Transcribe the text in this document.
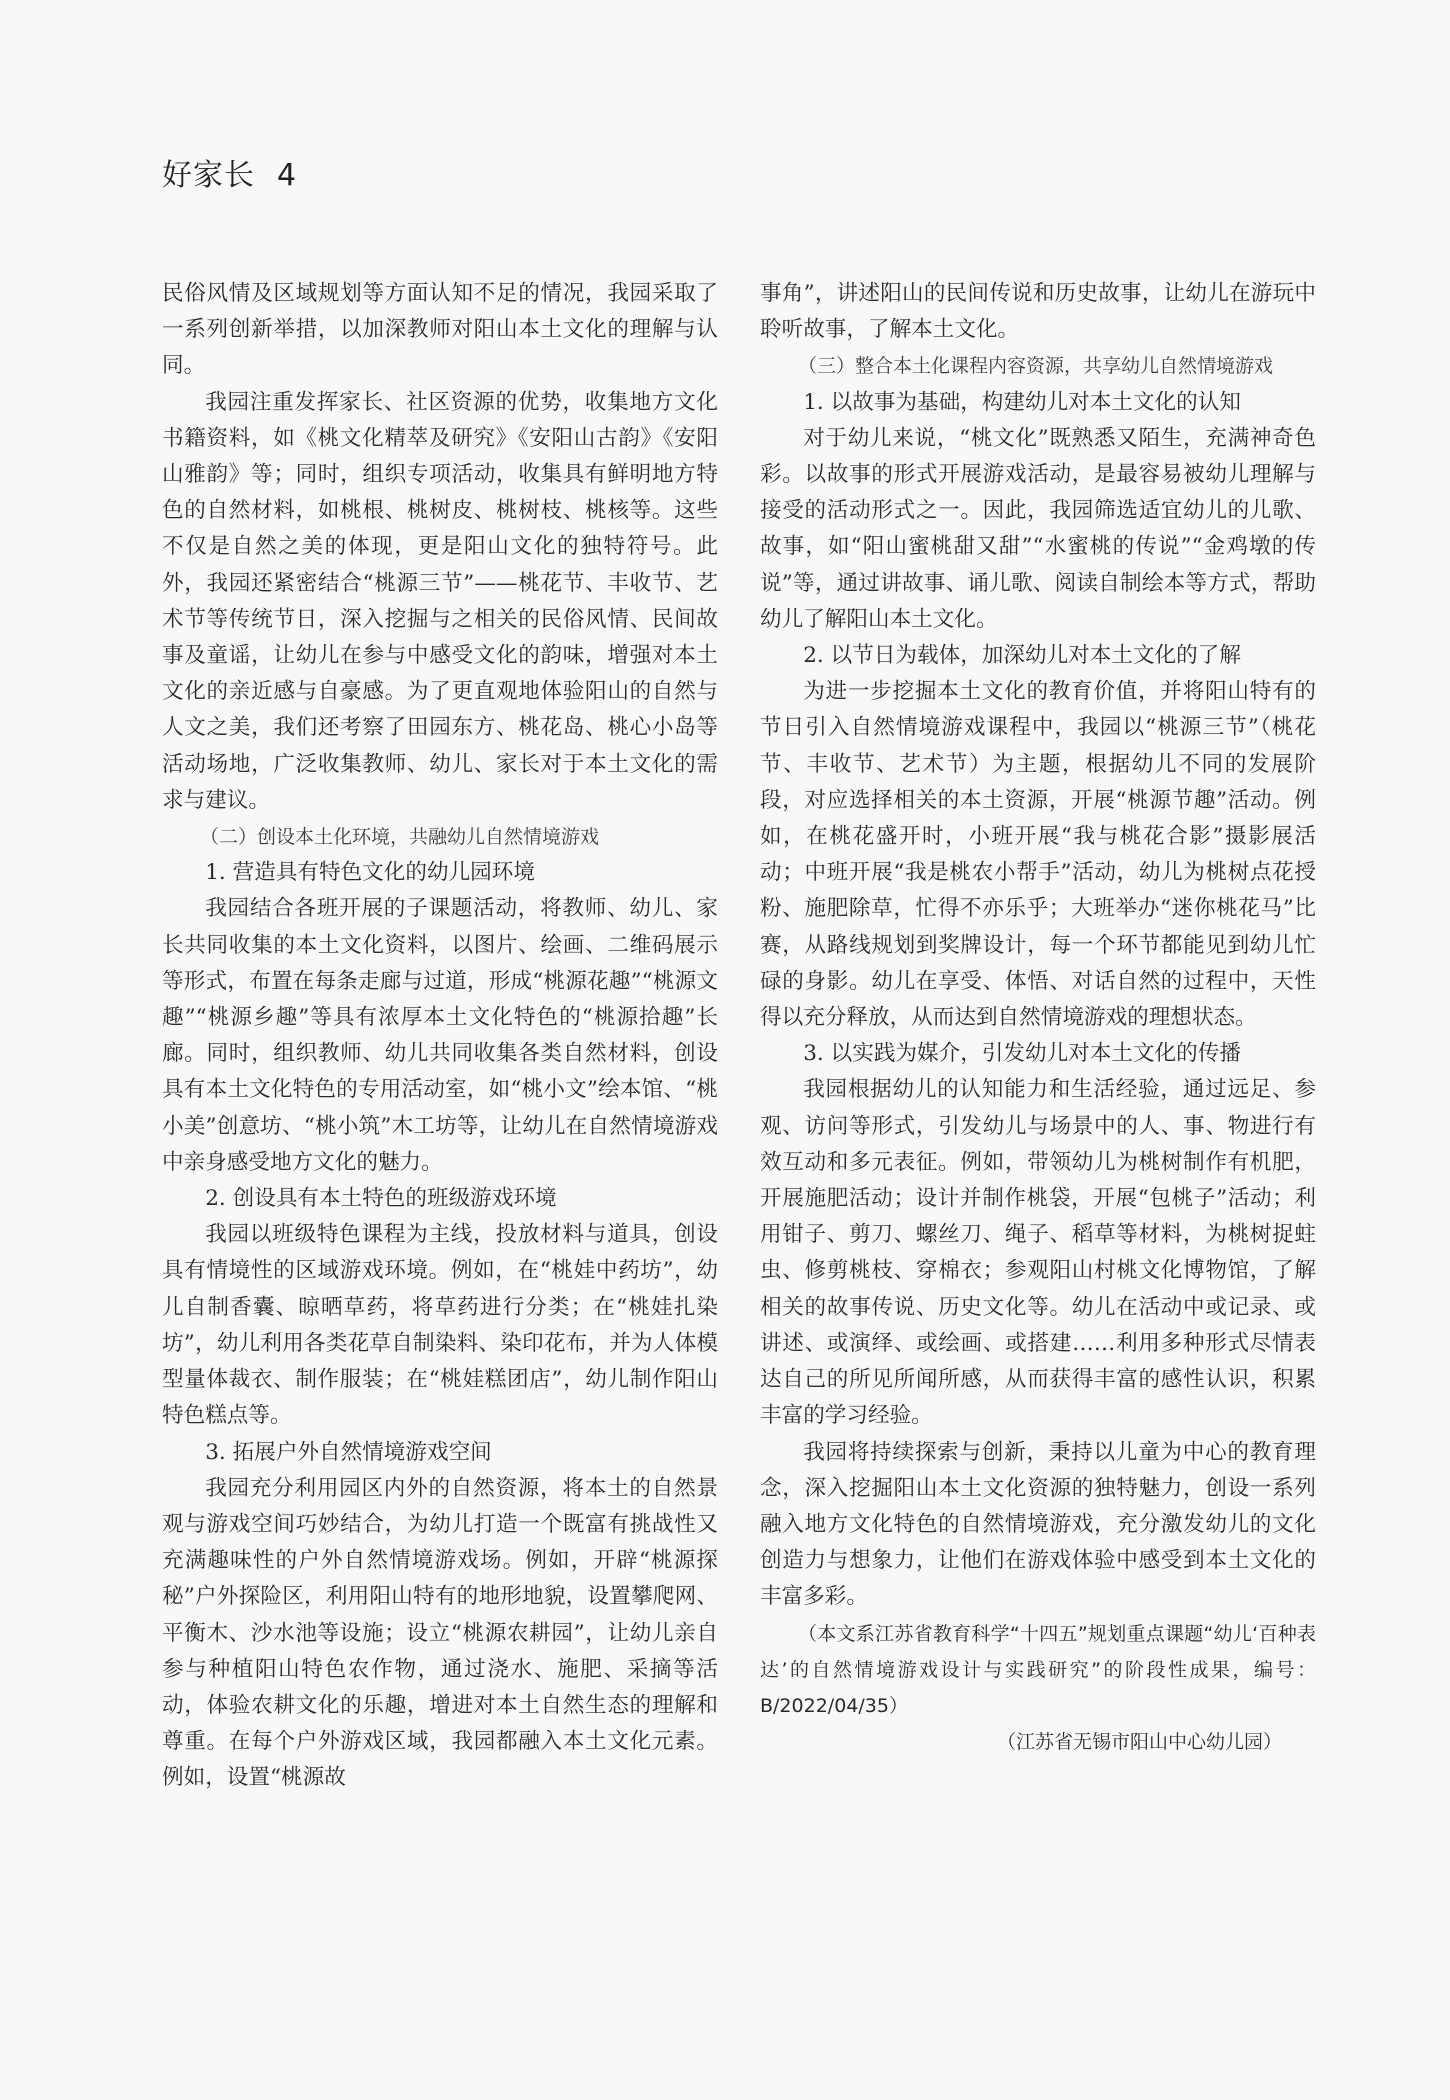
好家长 4

民俗风情及区域规划等方面认知不足的情况，我园采取了一系列创新举措，以加深教师对阳山本土文化的理解与认同。

我园注重发挥家长、社区资源的优势，收集地方文化书籍资料，如《桃文化精萃及研究》《安阳山古韵》《安阳山雅韵》等；同时，组织专项活动，收集具有鲜明地方特色的自然材料，如桃根、桃树皮、桃树枝、桃核等。这些不仅是自然之美的体现，更是阳山文化的独特符号。此外，我园还紧密结合“桃源三节”——桃花节、丰收节、艺术节等传统节日，深入挖掘与之相关的民俗风情、民间故事及童谣，让幼儿在参与中感受文化的韵味，增强对本土文化的亲近感与自豪感。为了更直观地体验阳山的自然与人文之美，我们还考察了田园东方、桃花岛、桃心小岛等活动场地，广泛收集教师、幼儿、家长对于本土文化的需求与建议。

（二）创设本土化环境，共融幼儿自然情境游戏

1. 营造具有特色文化的幼儿园环境

我园结合各班开展的子课题活动，将教师、幼儿、家长共同收集的本土文化资料，以图片、绘画、二维码展示等形式，布置在每条走廊与过道，形成“桃源花趣”“桃源文趣”“桃源乡趣”等具有浓厚本土文化特色的“桃源拾趣”长廊。同时，组织教师、幼儿共同收集各类自然材料，创设具有本土文化特色的专用活动室，如“桃小文”绘本馆、“桃小美”创意坊、“桃小筑”木工坊等，让幼儿在自然情境游戏中亲身感受地方文化的魅力。

2. 创设具有本土特色的班级游戏环境

我园以班级特色课程为主线，投放材料与道具，创设具有情境性的区域游戏环境。例如，在“桃娃中药坊”，幼儿自制香囊、晾晒草药，将草药进行分类；在“桃娃扎染坊”，幼儿利用各类花草自制染料、染印花布，并为人体模型量体裁衣、制作服装；在“桃娃糕团店”，幼儿制作阳山特色糕点等。

3. 拓展户外自然情境游戏空间

我园充分利用园区内外的自然资源，将本土的自然景观与游戏空间巧妙结合，为幼儿打造一个既富有挑战性又充满趣味性的户外自然情境游戏场。例如，开辟“桃源探秘”户外探险区，利用阳山特有的地形地貌，设置攀爬网、平衡木、沙水池等设施；设立“桃源农耕园”，让幼儿亲自参与种植阳山特色农作物，通过浇水、施肥、采摘等活动，体验农耕文化的乐趣，增进对本土自然生态的理解和尊重。在每个户外游戏区域，我园都融入本土文化元素。例如，设置“桃源故

事角”，讲述阳山的民间传说和历史故事，让幼儿在游玩中聆听故事，了解本土文化。

（三）整合本土化课程内容资源，共享幼儿自然情境游戏

1. 以故事为基础，构建幼儿对本土文化的认知

对于幼儿来说，“桃文化”既熟悉又陌生，充满神奇色彩。以故事的形式开展游戏活动，是最容易被幼儿理解与接受的活动形式之一。因此，我园筛选适宜幼儿的儿歌、故事，如“阳山蜜桃甜又甜”“水蜜桃的传说”“金鸡墩的传说”等，通过讲故事、诵儿歌、阅读自制绘本等方式，帮助幼儿了解阳山本土文化。

2. 以节日为载体，加深幼儿对本土文化的了解

为进一步挖掘本土文化的教育价值，并将阳山特有的节日引入自然情境游戏课程中，我园以“桃源三节”（桃花节、丰收节、艺术节）为主题，根据幼儿不同的发展阶段，对应选择相关的本土资源，开展“桃源节趣”活动。例如，在桃花盛开时，小班开展“我与桃花合影”摄影展活动；中班开展“我是桃农小帮手”活动，幼儿为桃树点花授粉、施肥除草，忙得不亦乐乎；大班举办“迷你桃花马”比赛，从路线规划到奖牌设计，每一个环节都能见到幼儿忙碌的身影。幼儿在享受、体悟、对话自然的过程中，天性得以充分释放，从而达到自然情境游戏的理想状态。

3. 以实践为媒介，引发幼儿对本土文化的传播

我园根据幼儿的认知能力和生活经验，通过远足、参观、访问等形式，引发幼儿与场景中的人、事、物进行有效互动和多元表征。例如，带领幼儿为桃树制作有机肥，开展施肥活动；设计并制作桃袋，开展“包桃子”活动；利用钳子、剪刀、螺丝刀、绳子、稻草等材料，为桃树捉蛀虫、修剪桃枝、穿棉衣；参观阳山村桃文化博物馆，了解相关的故事传说、历史文化等。幼儿在活动中或记录、或讲述、或演绎、或绘画、或搭建……利用多种形式尽情表达自己的所见所闻所感，从而获得丰富的感性认识，积累丰富的学习经验。

我园将持续探索与创新，秉持以儿童为中心的教育理念，深入挖掘阳山本土文化资源的独特魅力，创设一系列融入地方文化特色的自然情境游戏，充分激发幼儿的文化创造力与想象力，让他们在游戏体验中感受到本土文化的丰富多彩。

（本文系江苏省教育科学“十四五”规划重点课题“幼儿‘百种表达’的自然情境游戏设计与实践研究”的阶段性成果，编号：B/2022/04/35）

（江苏省无锡市阳山中心幼儿园）
